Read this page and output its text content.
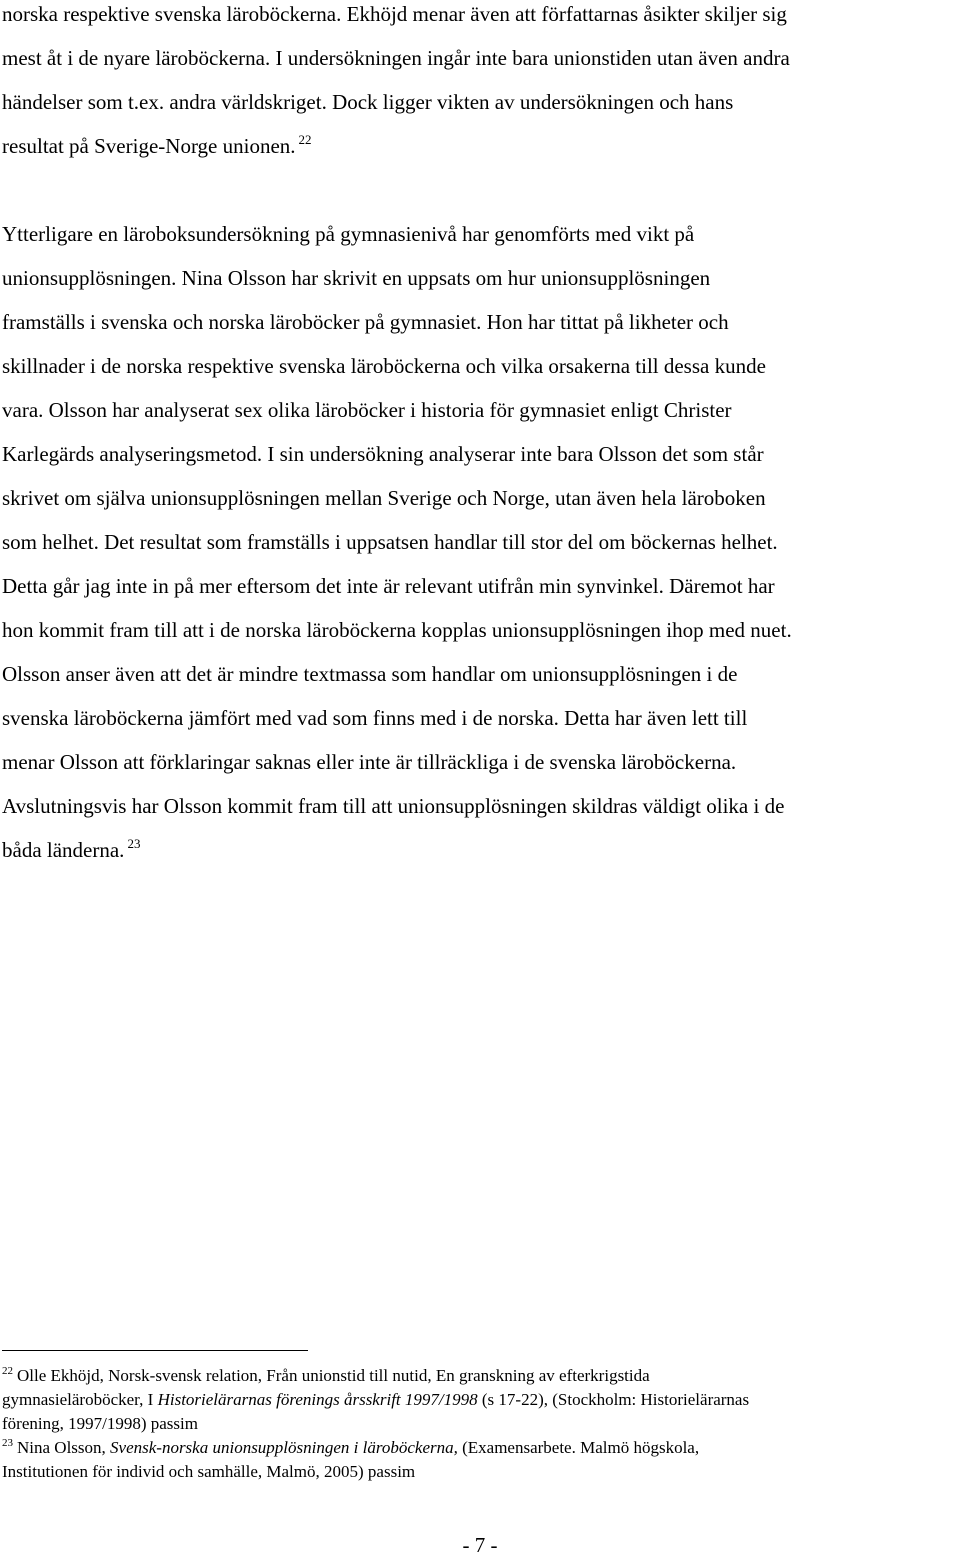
norska respektive svenska läroböckerna. Ekhöjd menar även att författarnas åsikter skiljer sig
mest åt i de nyare läroböckerna. I undersökningen ingår inte bara unionstiden utan även andra
händelser som t.ex. andra världskriget. Dock ligger vikten av undersökningen och hans
resultat på Sverige-Norge unionen. $^{22}$
Ytterligare en läroboksundersökning på gymnasienivå har genomförts med vikt på
unionsupplösningen. Nina Olsson har skrivit en uppsats om hur unionsupplösningen
framställs i svenska och norska läroböcker på gymnasiet. Hon har tittat på likheter och
skillnader i de norska respektive svenska läroböckerna och vilka orsakerna till dessa kunde
vara. Olsson har analyserat sex olika läroböcker i historia för gymnasiet enligt Christer
Karlegärds analyseringsmetod. I sin undersökning analyserar inte bara Olsson det som står
skrivet om själva unionsupplösningen mellan Sverige och Norge, utan även hela läroboken
som helhet. Det resultat som framställs i uppsatsen handlar till stor del om böckernas helhet.
Detta går jag inte in på mer eftersom det inte är relevant utifrån min synvinkel. Däremot har
hon kommit fram till att i de norska läroböckerna kopplas unionsupplösningen ihop med nuet.
Olsson anser även att det är mindre textmassa som handlar om unionsupplösningen i de
svenska läroböckerna jämfört med vad som finns med i de norska. Detta har även lett till
menar Olsson att förklaringar saknas eller inte är tillräckliga i de svenska läroböckerna.
Avslutningsvis har Olsson kommit fram till att unionsupplösningen skildras väldigt olika i de
båda länderna. $^{23}$
$^{22}$ Olle Ekhöjd, Norsk-svensk relation, Från unionstid till nutid, En granskning av efterkrigstida
gymnasieläroböcker, I Historielärarnas förenings årsskrift 1997/1998 (s 17-22), (Stockholm: Historielärarnas
förening, 1997/1998) passim
$^{23}$ Nina Olsson, Svensk-norska unionsupplösningen i läroböckerna, (Examensarbete. Malmö högskola,
Institutionen för individ och samhälle, Malmö, 2005) passim
- 7 -
